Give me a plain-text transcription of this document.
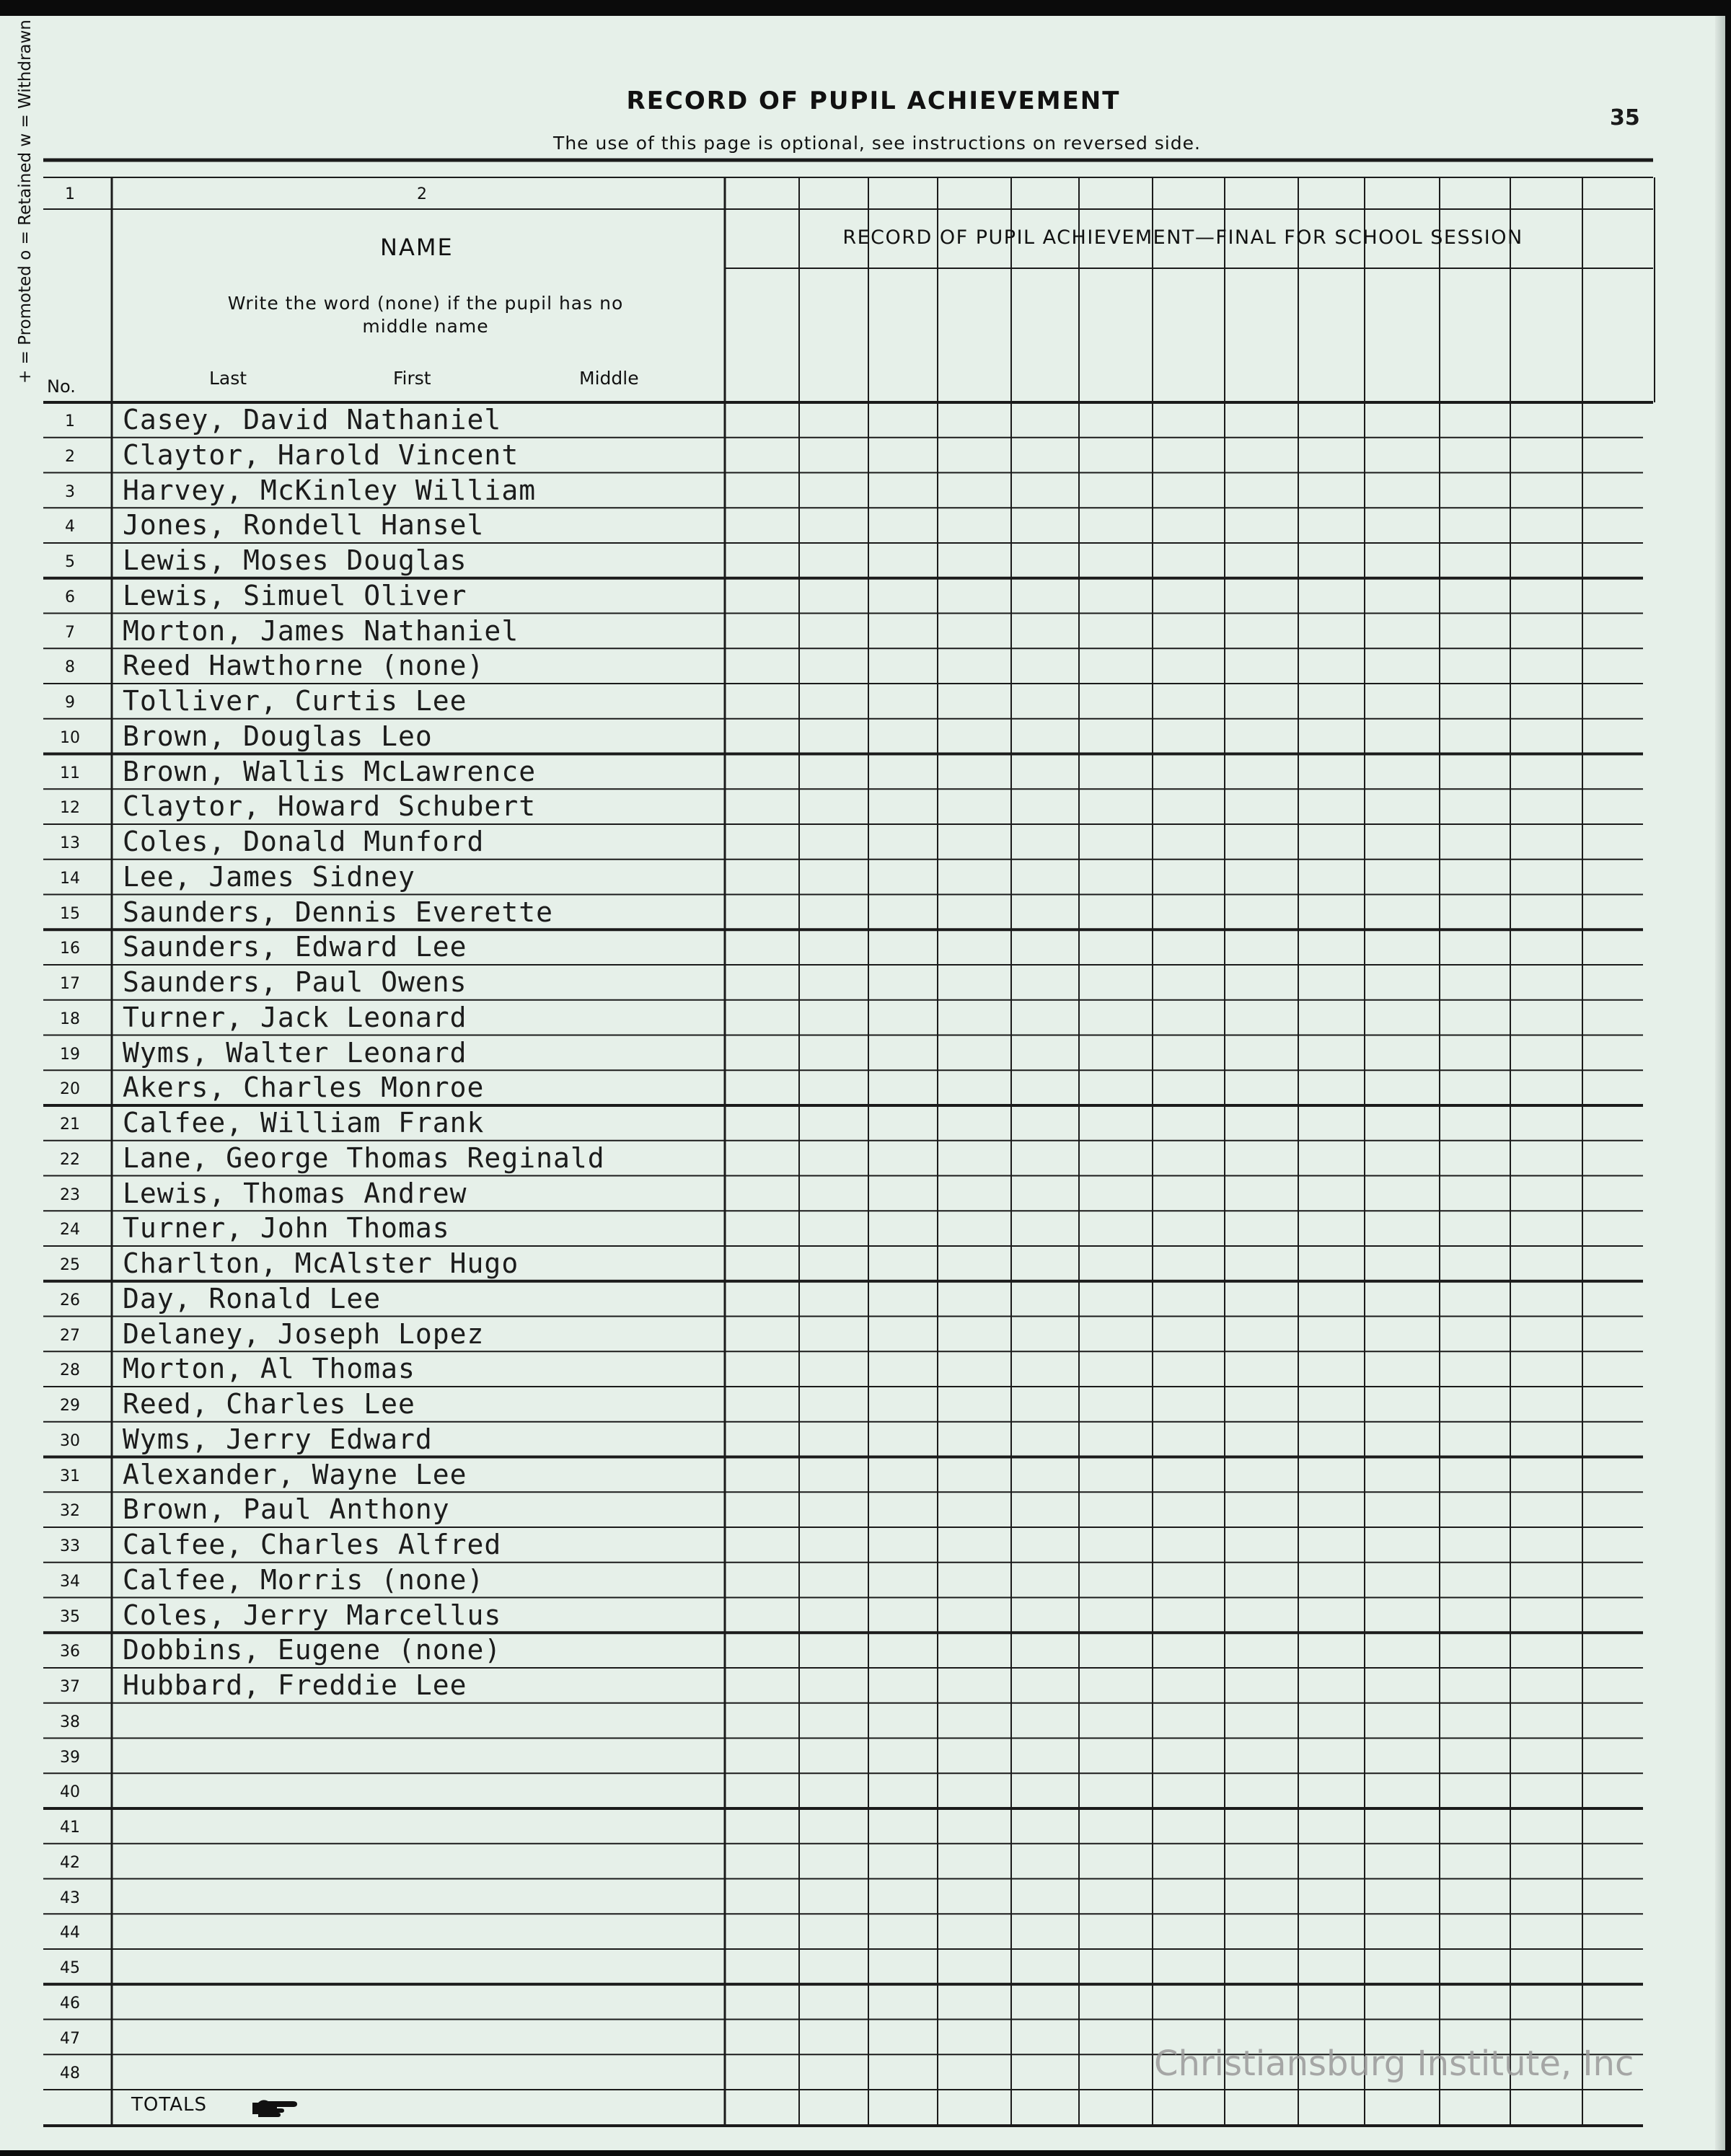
35
RECORD OF PUPIL ACHIEVEMENT
The use of this page is optional, see instructions on reversed side.
1	2
NAME
Write the word (none) if the pupil has no middle name
Last	First	Middle
+ = Promoted o = Retained w = Withdrawn
No.
RECORD OF PUPIL ACHIEVEMENT—FINAL FOR SCHOOL SESSION
1	Casey, David Nathaniel
2	Claytor, Harold Vincent
3	Harvey, McKinley William
4	Jones, Rondell Hansel
5	Lewis, Moses Douglas
6	Lewis, Simuel Oliver
7	Morton, James Nathaniel
8	Reed Hawthorne (none)
9	Tolliver, Curtis Lee
10	Brown, Douglas Leo
11	Brown, Wallis McLawrence
12	Claytor, Howard Schubert
13	Coles, Donald Munford
14	Lee, James Sidney
15	Saunders, Dennis Everette
16	Saunders, Edward Lee
17	Saunders, Paul Owens
18	Turner, Jack Leonard
19	Wyms, Walter Leonard
20	Akers, Charles Monroe
21	Calfee, William Frank
22	Lane, George Thomas Reginald
23	Lewis, Thomas Andrew
24	Turner, John Thomas
25	Charlton, McAlster Hugo
26	Day, Ronald Lee
27	Delaney, Joseph Lopez
28	Morton, Al Thomas
29	Reed, Charles Lee
30	Wyms, Jerry Edward
31	Alexander, Wayne Lee
32	Brown, Paul Anthony
33	Calfee, Charles Alfred
34	Calfee, Morris (none)
35	Coles, Jerry Marcellus
36	Dobbins, Eugene (none)
37	Hubbard, Freddie Lee
38
39
40
41
42
43
44
45
46
47
48
TOTALS
Christiansburg Institute, Inc
